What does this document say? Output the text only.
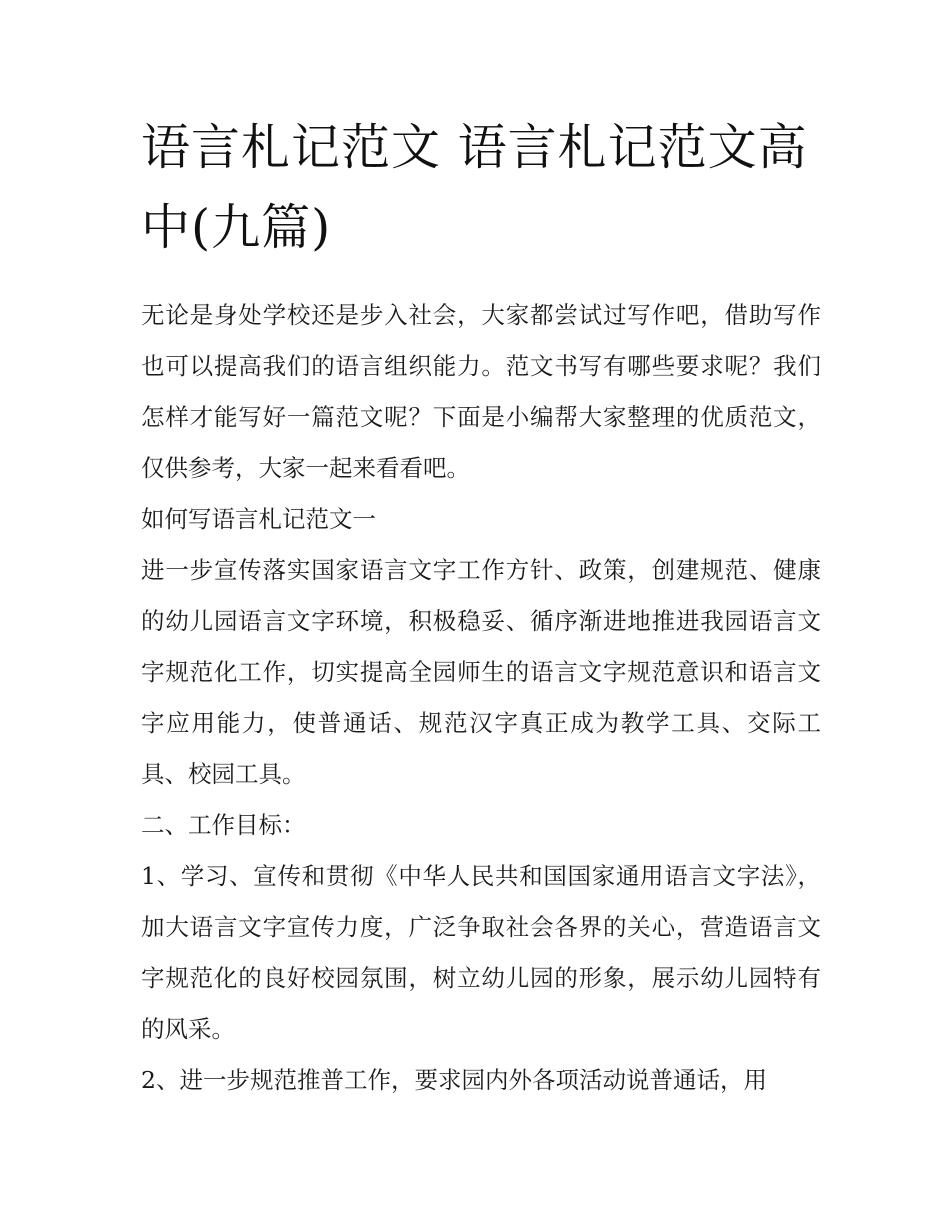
语言札记范文 语言札记范文高中(九篇)

无论是身处学校还是步入社会，大家都尝试过写作吧，借助写作也可以提高我们的语言组织能力。范文书写有哪些要求呢？我们怎样才能写好一篇范文呢？下面是小编帮大家整理的优质范文，仅供参考，大家一起来看看吧。

如何写语言札记范文一

进一步宣传落实国家语言文字工作方针、政策，创建规范、健康的幼儿园语言文字环境，积极稳妥、循序渐进地推进我园语言文字规范化工作，切实提高全园师生的语言文字规范意识和语言文字应用能力，使普通话、规范汉字真正成为教学工具、交际工具、校园工具。

二、工作目标：

1、学习、宣传和贯彻《中华人民共和国国家通用语言文字法》，加大语言文字宣传力度，广泛争取社会各界的关心，营造语言文字规范化的良好校园氛围，树立幼儿园的形象，展示幼儿园特有的风采。

2、进一步规范推普工作，要求园内外各项活动说普通话，用
